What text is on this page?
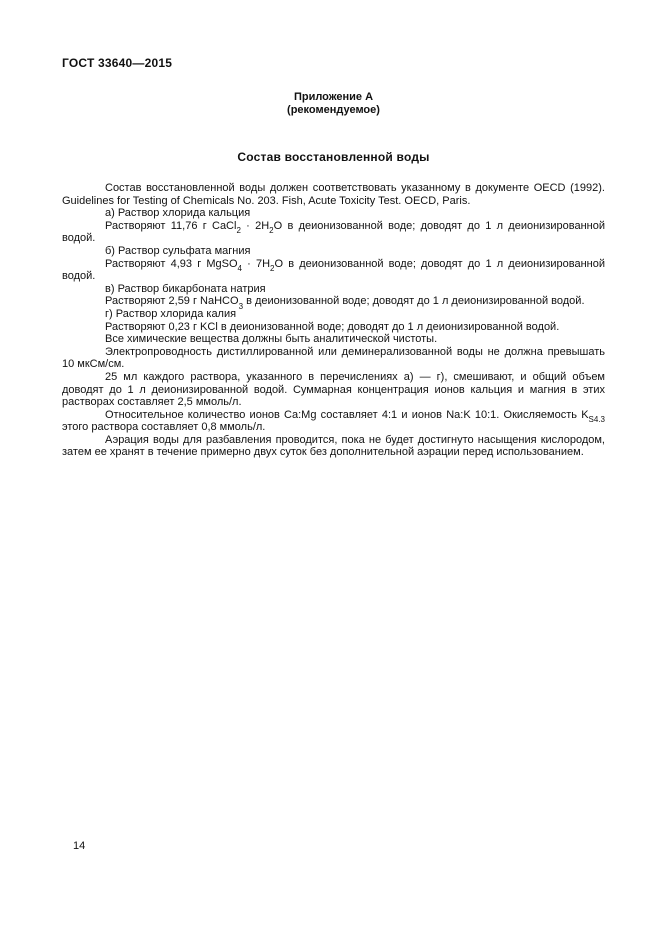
ГОСТ 33640—2015
Приложение А
(рекомендуемое)
Состав восстановленной воды

Состав восстановленной воды должен соответствовать указанному в документе OECD (1992). Guidelines for Testing of Chemicals No. 203. Fish, Acute Toxicity Test. OECD, Paris.

а) Раствор хлорида кальция

Растворяют 11,76 г CaCl$_2$ · $2H_2O$ в деионизованной воде; доводят до 1 л деионизированной водой.

б) Раствор сульфата магния

Растворяют 4,93 г MgSO$_4$ · $7H_2O$ в деионизованной воде; доводят до 1 л деионизированной водой.

в) Раствор бикарбоната натрия

Растворяют 2,59 г NaHCO$_3$ в деионизованной воде; доводят до 1 л деионизированной водой.

г) Раствор хлорида калия

Растворяют 0,23 г KCl в деионизованной воде; доводят до 1 л деионизированной водой.

Все химические вещества должны быть аналитической чистоты.

Электропроводность дистиллированной или деминерализованной воды не должна превышать 10 мкСм/см.

25 мл каждого раствора, указанного в перечислениях а) — г), смешивают, и общий объем доводят до 1 л деионизированной водой. Суммарная концентрация ионов кальция и магния в этих растворах составляет 2,5 ммоль/л.

Относительное количество ионов Ca:Mg составляет 4:1 и ионов Na:K 10:1. Окисляемость $K_{S4.3}$ этого раствора составляет 0,8 ммоль/л.

Аэрация воды для разбавления проводится, пока не будет достигнуто насыщения кислородом, затем ее хранят в течение примерно двух суток без дополнительной аэрации перед использованием.

14
